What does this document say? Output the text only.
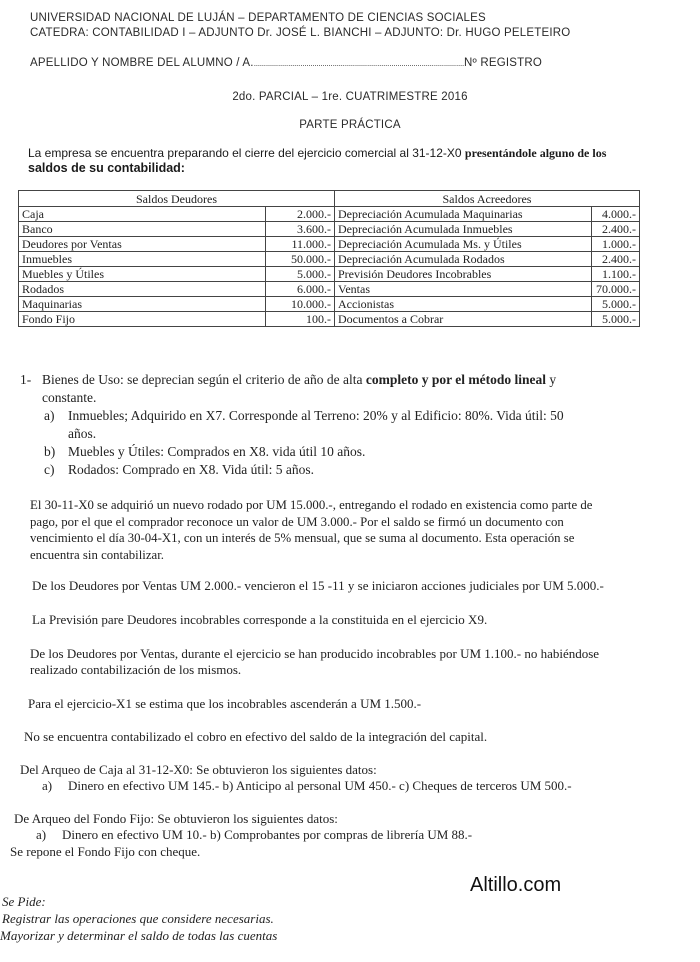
UNIVERSIDAD NACIONAL DE LUJÁN – DEPARTAMENTO DE CIENCIAS SOCIALES
CATEDRA: CONTABILIDAD I – ADJUNTO Dr. JOSÉ L. BIANCHI – ADJUNTO: Dr. HUGO PELETEIRO
APELLIDO Y NOMBRE DEL ALUMNO / A.........................................................................................................Nº REGISTRO
2do. PARCIAL – 1re. CUATRIMESTRE 2016
PARTE PRÁCTICA
La empresa se encuentra preparando el cierre del ejercicio comercial al 31-12-X0 presentándole alguno de los
saldos de su contabilidad:
Saldos Deudores		Saldos Acreedores	
Caja	2.000.-	Depreciación Acumulada Maquinarias	4.000.-
Banco	3.600.-	Depreciación Acumulada Inmuebles	2.400.-
Deudores por Ventas	11.000.-	Depreciación Acumulada Ms. y Útiles	1.000.-
Inmuebles	50.000.-	Depreciación Acumulada Rodados	2.400.-
Muebles y Útiles	5.000.-	Previsión Deudores Incobrables	1.100.-
Rodados	6.000.-	Ventas	70.000.-
Maquinarias	10.000.-	Accionistas	5.000.-
Fondo Fijo	100.-	Documentos a Cobrar	5.000.-
1- Bienes de Uso: se deprecian según el criterio de año de alta completo y por el método lineal y
constante.
a) Inmuebles; Adquirido en X7. Corresponde al Terreno: 20% y al Edificio: 80%. Vida útil: 50
años.
b) Muebles y Útiles: Comprados en X8. vida útil 10 años.
c) Rodados: Comprado en X8. Vida útil: 5 años.
El 30-11-X0 se adquirió un nuevo rodado por UM 15.000.-, entregando el rodado en existencia como parte de
pago, por el que el comprador reconoce un valor de UM 3.000.- Por el saldo se firmó un documento con
vencimiento el día 30-04-X1, con un interés de 5% mensual, que se suma al documento. Esta operación se
encuentra sin contabilizar.
De los Deudores por Ventas UM 2.000.- vencieron el 15 -11 y se iniciaron acciones judiciales por UM 5.000.-
La Previsión pare Deudores incobrables corresponde a la constituida en el ejercicio X9.
De los Deudores por Ventas, durante el ejercicio se han producido incobrables por UM 1.100.- no habiéndose
realizado contabilización de los mismos.
Para el ejercicio-X1 se estima que los incobrables ascenderán a UM 1.500.-
No se encuentra contabilizado el cobro en efectivo del saldo de la integración del capital.
Del Arqueo de Caja al 31-12-X0: Se obtuvieron los siguientes datos:
a) Dinero en efectivo UM 145.- b) Anticipo al personal UM 450.- c) Cheques de terceros UM 500.-
De Arqueo del Fondo Fijo: Se obtuvieron los siguientes datos:
a) Dinero en efectivo UM 10.- b) Comprobantes por compras de librería UM 88.-
Se repone el Fondo Fijo con cheque.
Altillo.com
Se Pide:
Registrar las operaciones que considere necesarias.
Mayorizar y determinar el saldo de todas las cuentas
